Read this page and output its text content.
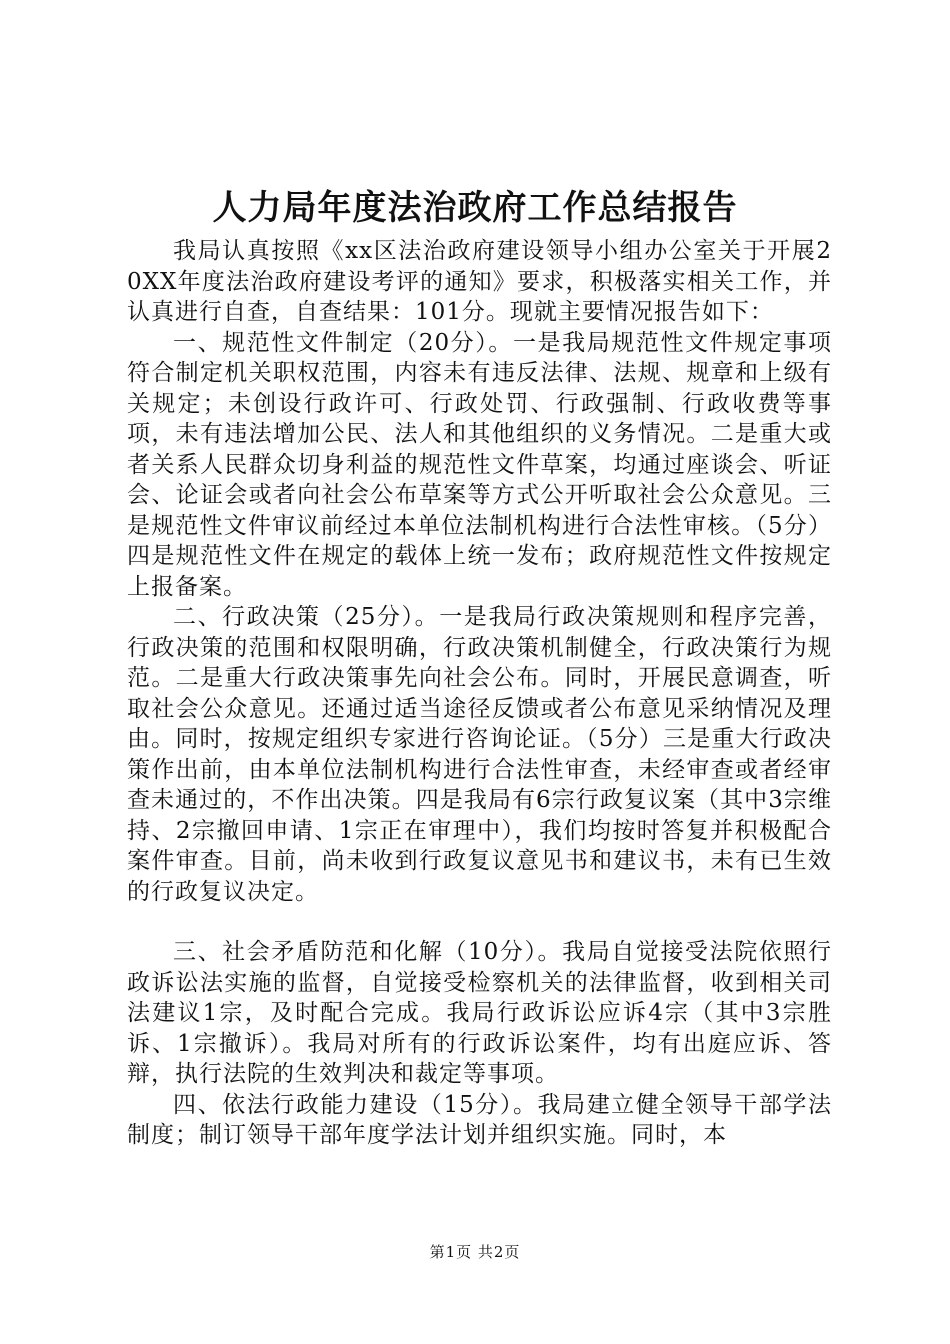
人力局年度法治政府工作总结报告

我局认真按照《xx区法治政府建设领导小组办公室关于开展20XX年度法治政府建设考评的通知》要求，积极落实相关工作，并认真进行自查，自查结果：101分。现就主要情况报告如下：

一、规范性文件制定（20分）。一是我局规范性文件规定事项符合制定机关职权范围，内容未有违反法律、法规、规章和上级有关规定；未创设行政许可、行政处罚、行政强制、行政收费等事项，未有违法增加公民、法人和其他组织的义务情况。二是重大或者关系人民群众切身利益的规范性文件草案，均通过座谈会、听证会、论证会或者向社会公布草案等方式公开听取社会公众意见。三是规范性文件审议前经过本单位法制机构进行合法性审核。（5分）四是规范性文件在规定的载体上统一发布；政府规范性文件按规定上报备案。

二、行政决策（25分）。一是我局行政决策规则和程序完善，行政决策的范围和权限明确，行政决策机制健全，行政决策行为规范。二是重大行政决策事先向社会公布。同时，开展民意调查，听取社会公众意见。还通过适当途径反馈或者公布意见采纳情况及理由。同时，按规定组织专家进行咨询论证。（5分）三是重大行政决策作出前，由本单位法制机构进行合法性审查，未经审查或者经审查未通过的，不作出决策。四是我局有6宗行政复议案（其中3宗维持、2宗撤回申请、1宗正在审理中），我们均按时答复并积极配合案件审查。目前，尚未收到行政复议意见书和建议书，未有已生效的行政复议决定。

三、社会矛盾防范和化解（10分）。我局自觉接受法院依照行政诉讼法实施的监督，自觉接受检察机关的法律监督，收到相关司法建议1宗，及时配合完成。我局行政诉讼应诉4宗（其中3宗胜诉、1宗撤诉）。我局对所有的行政诉讼案件，均有出庭应诉、答辩，执行法院的生效判决和裁定等事项。

四、依法行政能力建设（15分）。我局建立健全领导干部学法制度；制订领导干部年度学法计划并组织实施。同时，本

第1页 共2页
